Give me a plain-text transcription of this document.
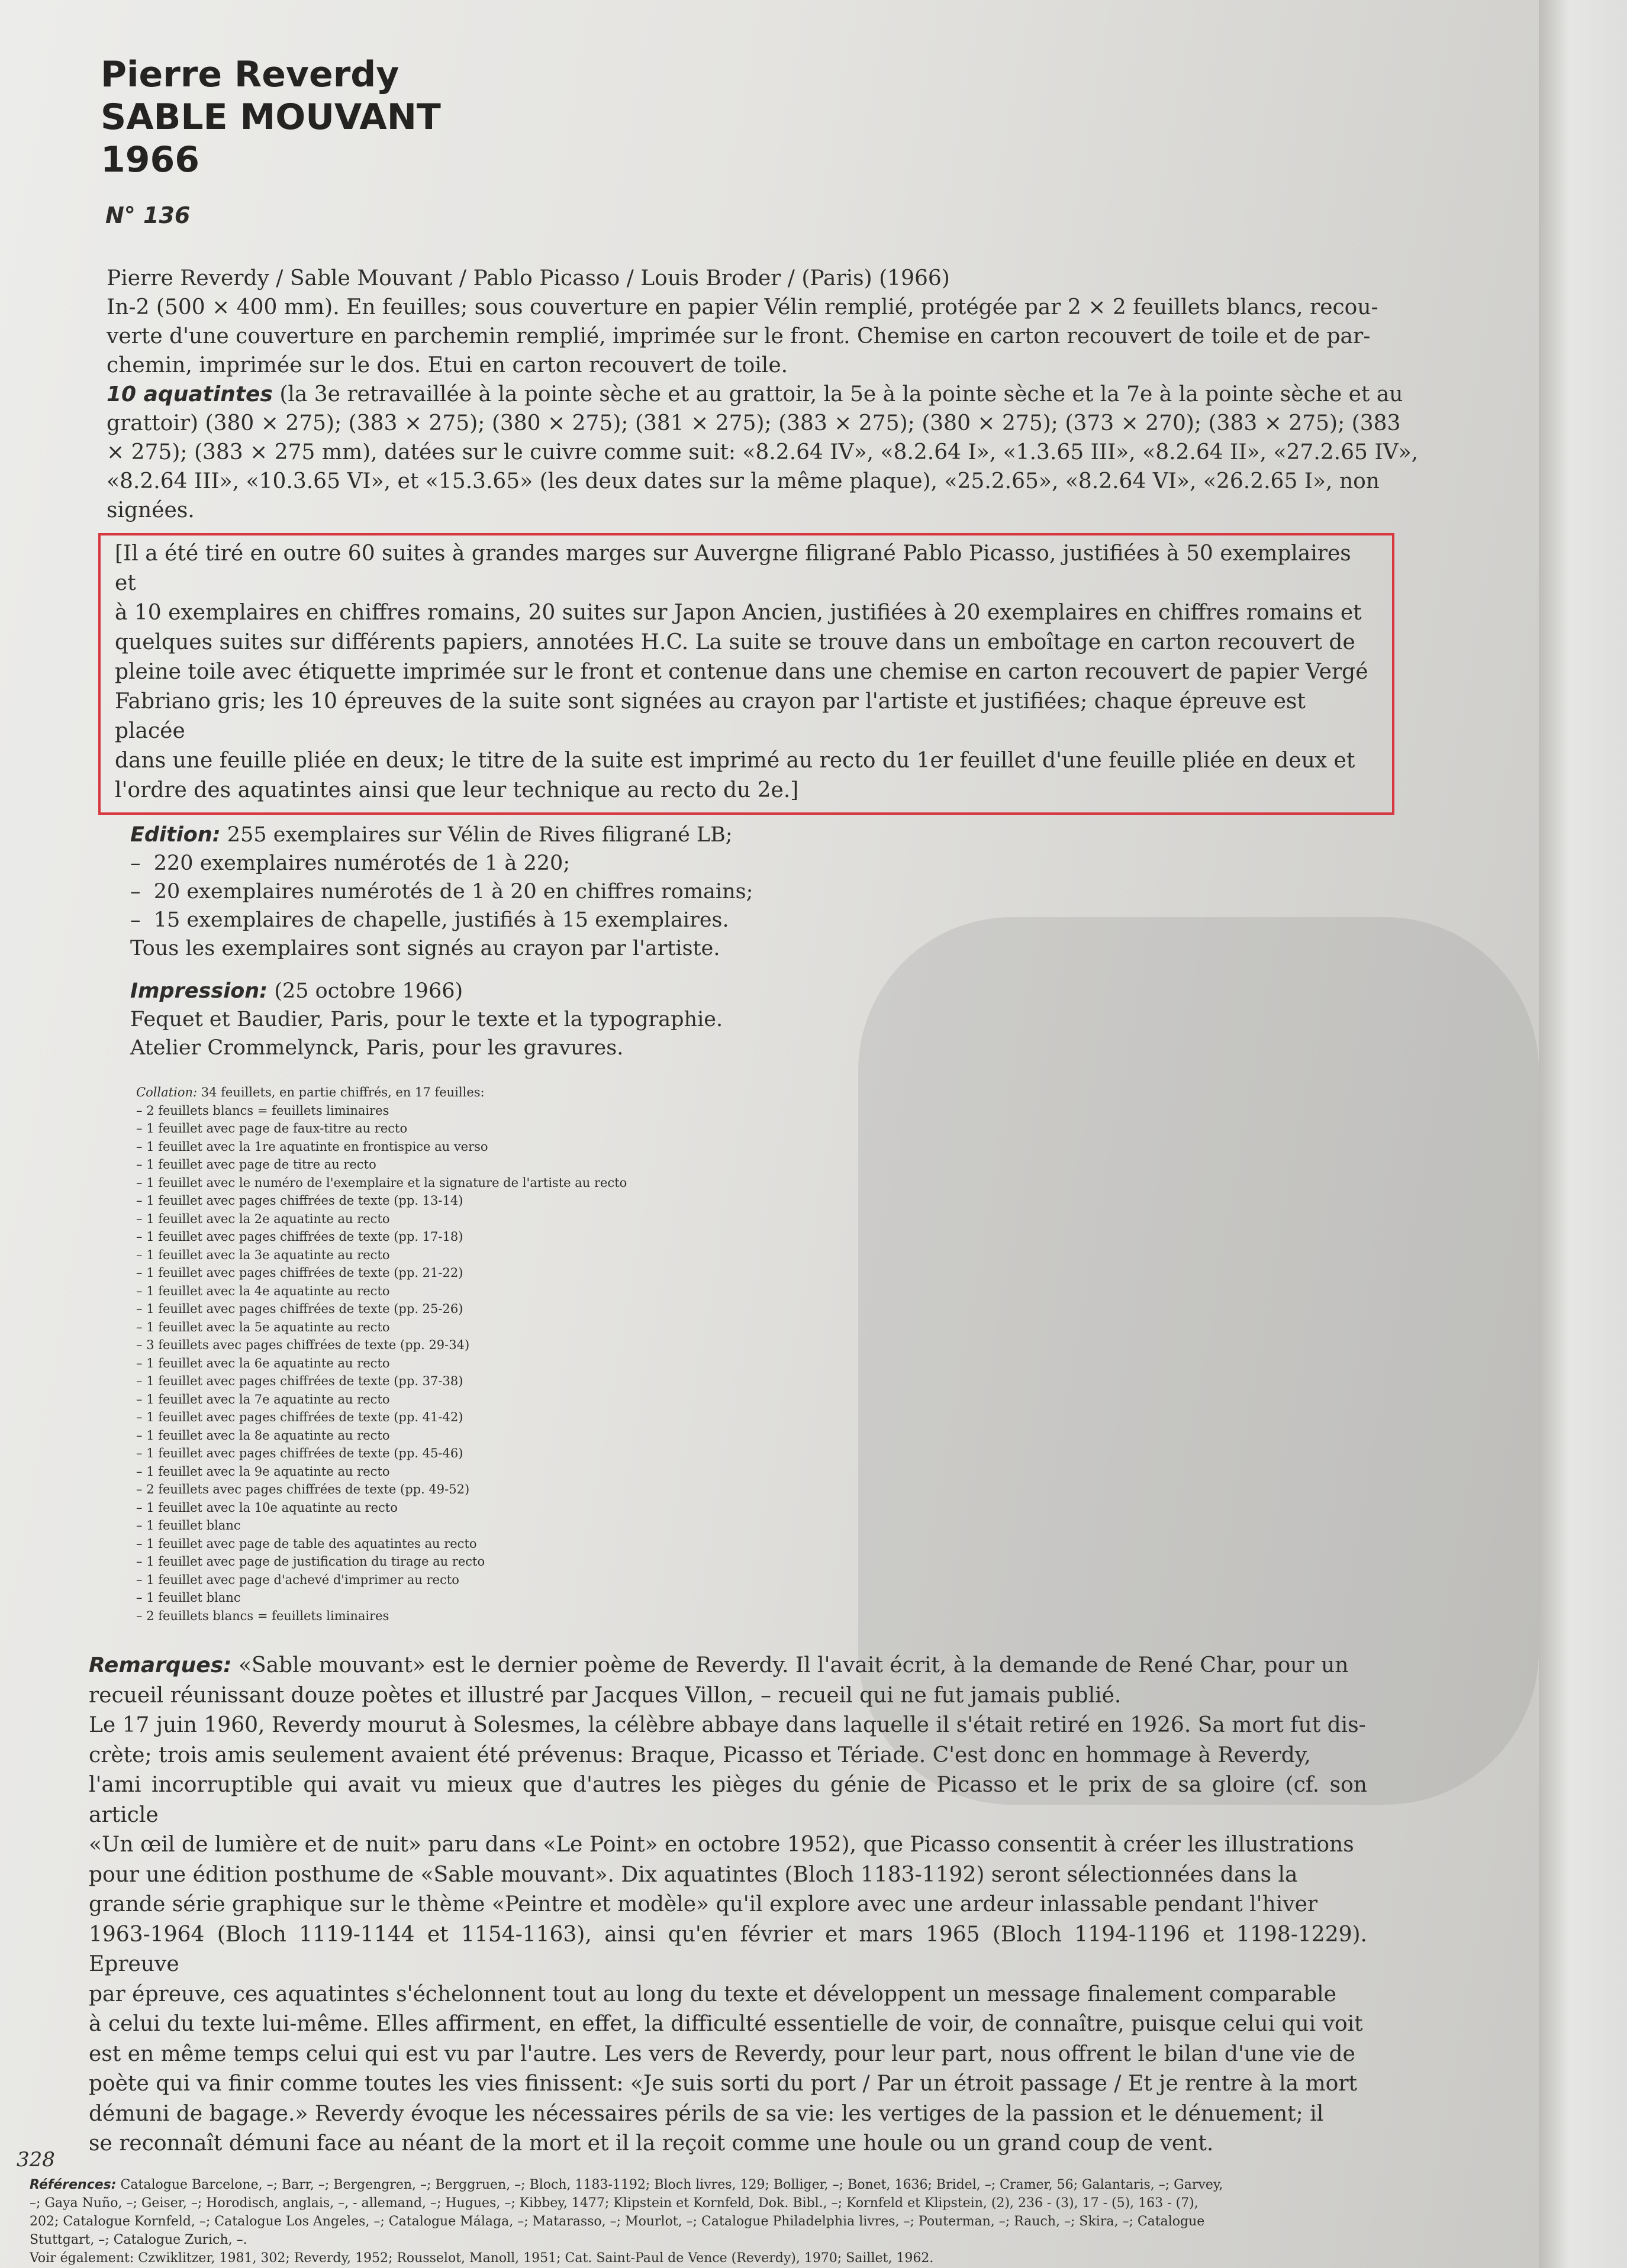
Pierre Reverdy
SABLE MOUVANT
1966
N° 136

Pierre Reverdy / Sable Mouvant / Pablo Picasso / Louis Broder / (Paris) (1966)

In-2 (500 × 400 mm). En feuilles; sous couverture en papier Vélin remplié, protégée par 2 × 2 feuillets blancs, recou-

verte d'une couverture en parchemin remplié, imprimée sur le front. Chemise en carton recouvert de toile et de par-

chemin, imprimée sur le dos. Etui en carton recouvert de toile.

10 aquatintes (la 3e retravaillée à la pointe sèche et au grattoir, la 5e à la pointe sèche et la 7e à la pointe sèche et au

grattoir) (380 × 275); (383 × 275); (380 × 275); (381 × 275); (383 × 275); (380 × 275); (373 × 270); (383 × 275); (383

× 275); (383 × 275 mm), datées sur le cuivre comme suit: «8.2.64 IV», «8.2.64 I», «1.3.65 III», «8.2.64 II», «27.2.65 IV»,

«8.2.64 III», «10.3.65 VI», et «15.3.65» (les deux dates sur la même plaque), «25.2.65», «8.2.64 VI», «26.2.65 I», non

signées.

[Il a été tiré en outre 60 suites à grandes marges sur Auvergne filigrané Pablo Picasso, justifiées à 50 exemplaires et

à 10 exemplaires en chiffres romains, 20 suites sur Japon Ancien, justifiées à 20 exemplaires en chiffres romains et

quelques suites sur différents papiers, annotées H.C. La suite se trouve dans un emboîtage en carton recouvert de

pleine toile avec étiquette imprimée sur le front et contenue dans une chemise en carton recouvert de papier Vergé

Fabriano gris; les 10 épreuves de la suite sont signées au crayon par l'artiste et justifiées; chaque épreuve est placée

dans une feuille pliée en deux; le titre de la suite est imprimé au recto du 1er feuillet d'une feuille pliée en deux et

l'ordre des aquatintes ainsi que leur technique au recto du 2e.]

Edition: 255 exemplaires sur Vélin de Rives filigrané LB;

–  220 exemplaires numérotés de 1 à 220;

–  20 exemplaires numérotés de 1 à 20 en chiffres romains;

–  15 exemplaires de chapelle, justifiés à 15 exemplaires.

Tous les exemplaires sont signés au crayon par l'artiste.

Impression: (25 octobre 1966)

Fequet et Baudier, Paris, pour le texte et la typographie.

Atelier Crommelynck, Paris, pour les gravures.

Collation: 34 feuillets, en partie chiffrés, en 17 feuilles:

– 2 feuillets blancs = feuillets liminaires

– 1 feuillet avec page de faux-titre au recto

– 1 feuillet avec la 1re aquatinte en frontispice au verso

– 1 feuillet avec page de titre au recto

– 1 feuillet avec le numéro de l'exemplaire et la signature de l'artiste au recto

– 1 feuillet avec pages chiffrées de texte (pp. 13-14)

– 1 feuillet avec la 2e aquatinte au recto

– 1 feuillet avec pages chiffrées de texte (pp. 17-18)

– 1 feuillet avec la 3e aquatinte au recto

– 1 feuillet avec pages chiffrées de texte (pp. 21-22)

– 1 feuillet avec la 4e aquatinte au recto

– 1 feuillet avec pages chiffrées de texte (pp. 25-26)

– 1 feuillet avec la 5e aquatinte au recto

– 3 feuillets avec pages chiffrées de texte (pp. 29-34)

– 1 feuillet avec la 6e aquatinte au recto

– 1 feuillet avec pages chiffrées de texte (pp. 37-38)

– 1 feuillet avec la 7e aquatinte au recto

– 1 feuillet avec pages chiffrées de texte (pp. 41-42)

– 1 feuillet avec la 8e aquatinte au recto

– 1 feuillet avec pages chiffrées de texte (pp. 45-46)

– 1 feuillet avec la 9e aquatinte au recto

– 2 feuillets avec pages chiffrées de texte (pp. 49-52)

– 1 feuillet avec la 10e aquatinte au recto

– 1 feuillet blanc

– 1 feuillet avec page de table des aquatintes au recto

– 1 feuillet avec page de justification du tirage au recto

– 1 feuillet avec page d'achevé d'imprimer au recto

– 1 feuillet blanc

– 2 feuillets blancs = feuillets liminaires

Remarques: «Sable mouvant» est le dernier poème de Reverdy. Il l'avait écrit, à la demande de René Char, pour un

recueil réunissant douze poètes et illustré par Jacques Villon, – recueil qui ne fut jamais publié.

Le 17 juin 1960, Reverdy mourut à Solesmes, la célèbre abbaye dans laquelle il s'était retiré en 1926. Sa mort fut dis-

crète; trois amis seulement avaient été prévenus: Braque, Picasso et Tériade. C'est donc en hommage à Reverdy,

l'ami incorruptible qui avait vu mieux que d'autres les pièges du génie de Picasso et le prix de sa gloire (cf. son article

«Un œil de lumière et de nuit» paru dans «Le Point» en octobre 1952), que Picasso consentit à créer les illustrations

pour une édition posthume de «Sable mouvant». Dix aquatintes (Bloch 1183-1192) seront sélectionnées dans la

grande série graphique sur le thème «Peintre et modèle» qu'il explore avec une ardeur inlassable pendant l'hiver

1963-1964 (Bloch 1119-1144 et 1154-1163), ainsi qu'en février et mars 1965 (Bloch 1194-1196 et 1198-1229). Epreuve

par épreuve, ces aquatintes s'échelonnent tout au long du texte et développent un message finalement comparable

à celui du texte lui-même. Elles affirment, en effet, la difficulté essentielle de voir, de connaître, puisque celui qui voit

est en même temps celui qui est vu par l'autre. Les vers de Reverdy, pour leur part, nous offrent le bilan d'une vie de

poète qui va finir comme toutes les vies finissent: «Je suis sorti du port / Par un étroit passage / Et je rentre à la mort

démuni de bagage.» Reverdy évoque les nécessaires périls de sa vie: les vertiges de la passion et le dénuement; il

se reconnaît démuni face au néant de la mort et il la reçoit comme une houle ou un grand coup de vent.

Références: Catalogue Barcelone, –; Barr, –; Bergengren, –; Berggruen, –; Bloch, 1183-1192; Bloch livres, 129; Bolliger, –; Bonet, 1636; Bridel, –; Cramer, 56; Galantaris, –; Garvey,

–; Gaya Nuño, –; Geiser, –; Horodisch, anglais, –, - allemand, –; Hugues, –; Kibbey, 1477; Klipstein et Kornfeld, Dok. Bibl., –; Kornfeld et Klipstein, (2), 236 - (3), 17 - (5), 163 - (7),

202; Catalogue Kornfeld, –; Catalogue Los Angeles, –; Catalogue Málaga, –; Matarasso, –; Mourlot, –; Catalogue Philadelphia livres, –; Pouterman, –; Rauch, –; Skira, –; Catalogue

Stuttgart, –; Catalogue Zurich, –.

Voir également: Czwiklitzer, 1981, 302; Reverdy, 1952; Rousselot, Manoll, 1951; Cat. Saint-Paul de Vence (Reverdy), 1970; Saillet, 1962.

328
